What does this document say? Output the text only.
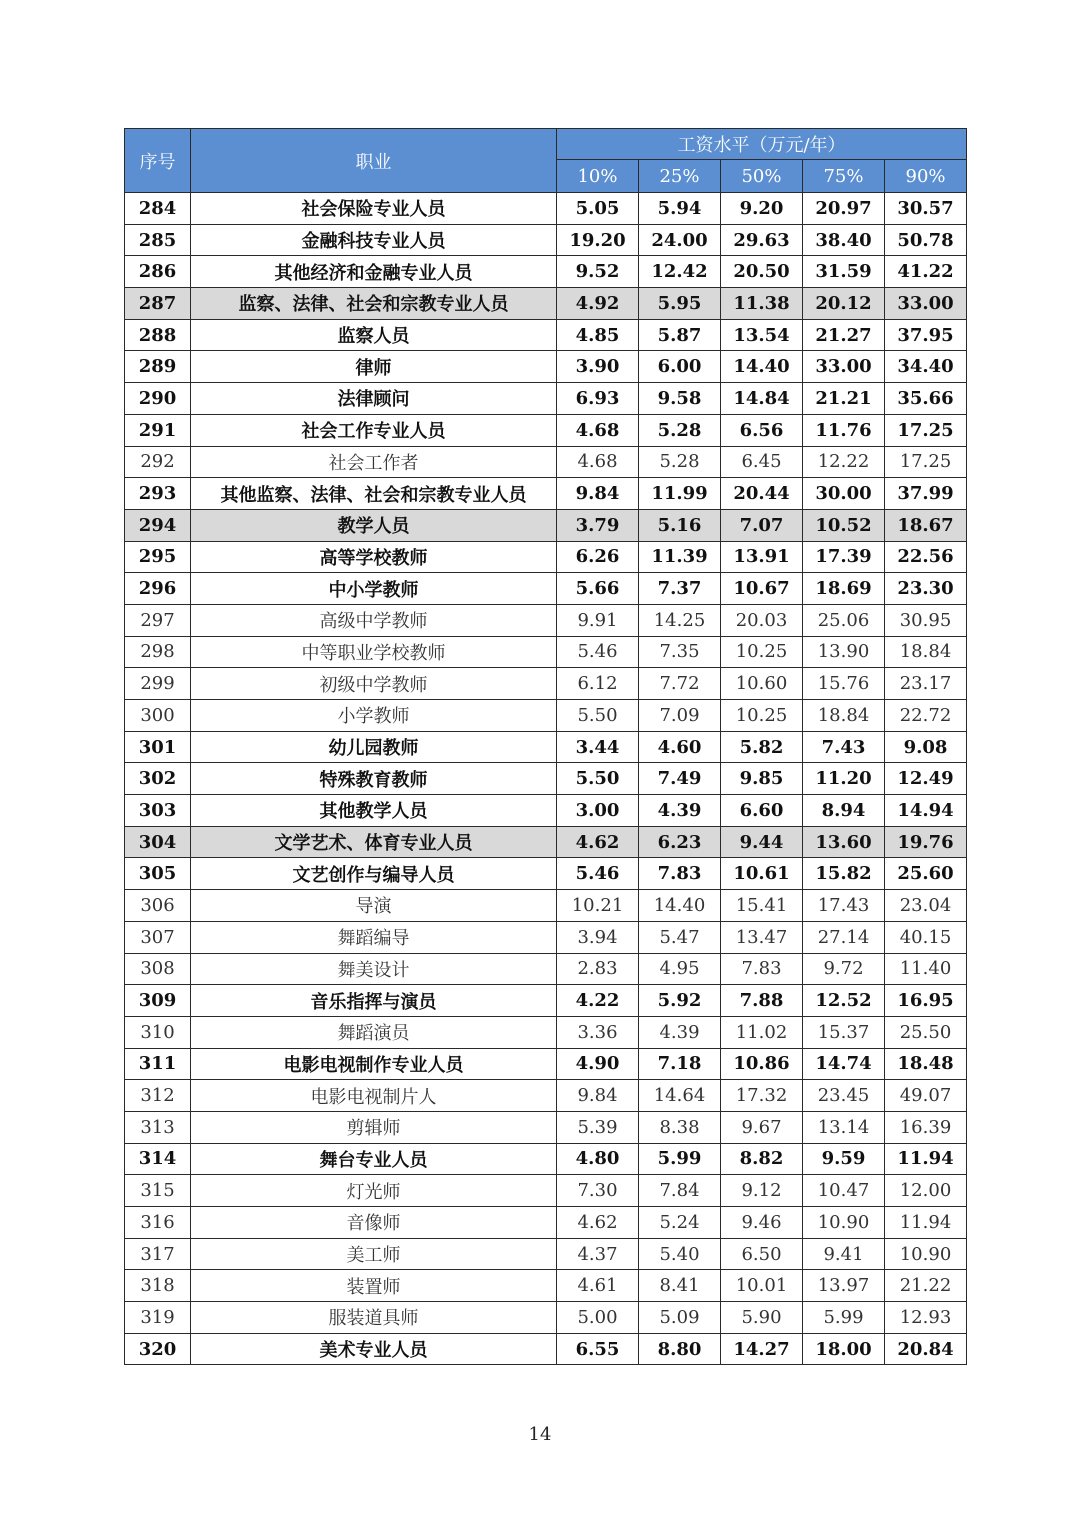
序号	职业	工资水平（万元/年）				
		10%	25%	50%	75%	90%
284	社会保险专业人员	5.05	5.94	9.20	20.97	30.57
285	金融科技专业人员	19.20	24.00	29.63	38.40	50.78
286	其他经济和金融专业人员	9.52	12.42	20.50	31.59	41.22
287	监察、法律、社会和宗教专业人员	4.92	5.95	11.38	20.12	33.00
288	监察人员	4.85	5.87	13.54	21.27	37.95
289	律师	3.90	6.00	14.40	33.00	34.40
290	法律顾问	6.93	9.58	14.84	21.21	35.66
291	社会工作专业人员	4.68	5.28	6.56	11.76	17.25
292	社会工作者	4.68	5.28	6.45	12.22	17.25
293	其他监察、法律、社会和宗教专业人员	9.84	11.99	20.44	30.00	37.99
294	教学人员	3.79	5.16	7.07	10.52	18.67
295	高等学校教师	6.26	11.39	13.91	17.39	22.56
296	中小学教师	5.66	7.37	10.67	18.69	23.30
297	高级中学教师	9.91	14.25	20.03	25.06	30.95
298	中等职业学校教师	5.46	7.35	10.25	13.90	18.84
299	初级中学教师	6.12	7.72	10.60	15.76	23.17
300	小学教师	5.50	7.09	10.25	18.84	22.72
301	幼儿园教师	3.44	4.60	5.82	7.43	9.08
302	特殊教育教师	5.50	7.49	9.85	11.20	12.49
303	其他教学人员	3.00	4.39	6.60	8.94	14.94
304	文学艺术、体育专业人员	4.62	6.23	9.44	13.60	19.76
305	文艺创作与编导人员	5.46	7.83	10.61	15.82	25.60
306	导演	10.21	14.40	15.41	17.43	23.04
307	舞蹈编导	3.94	5.47	13.47	27.14	40.15
308	舞美设计	2.83	4.95	7.83	9.72	11.40
309	音乐指挥与演员	4.22	5.92	7.88	12.52	16.95
310	舞蹈演员	3.36	4.39	11.02	15.37	25.50
311	电影电视制作专业人员	4.90	7.18	10.86	14.74	18.48
312	电影电视制片人	9.84	14.64	17.32	23.45	49.07
313	剪辑师	5.39	8.38	9.67	13.14	16.39
314	舞台专业人员	4.80	5.99	8.82	9.59	11.94
315	灯光师	7.30	7.84	9.12	10.47	12.00
316	音像师	4.62	5.24	9.46	10.90	11.94
317	美工师	4.37	5.40	6.50	9.41	10.90
318	装置师	4.61	8.41	10.01	13.97	21.22
319	服装道具师	5.00	5.09	5.90	5.99	12.93
320	美术专业人员	6.55	8.80	14.27	18.00	20.84
14
